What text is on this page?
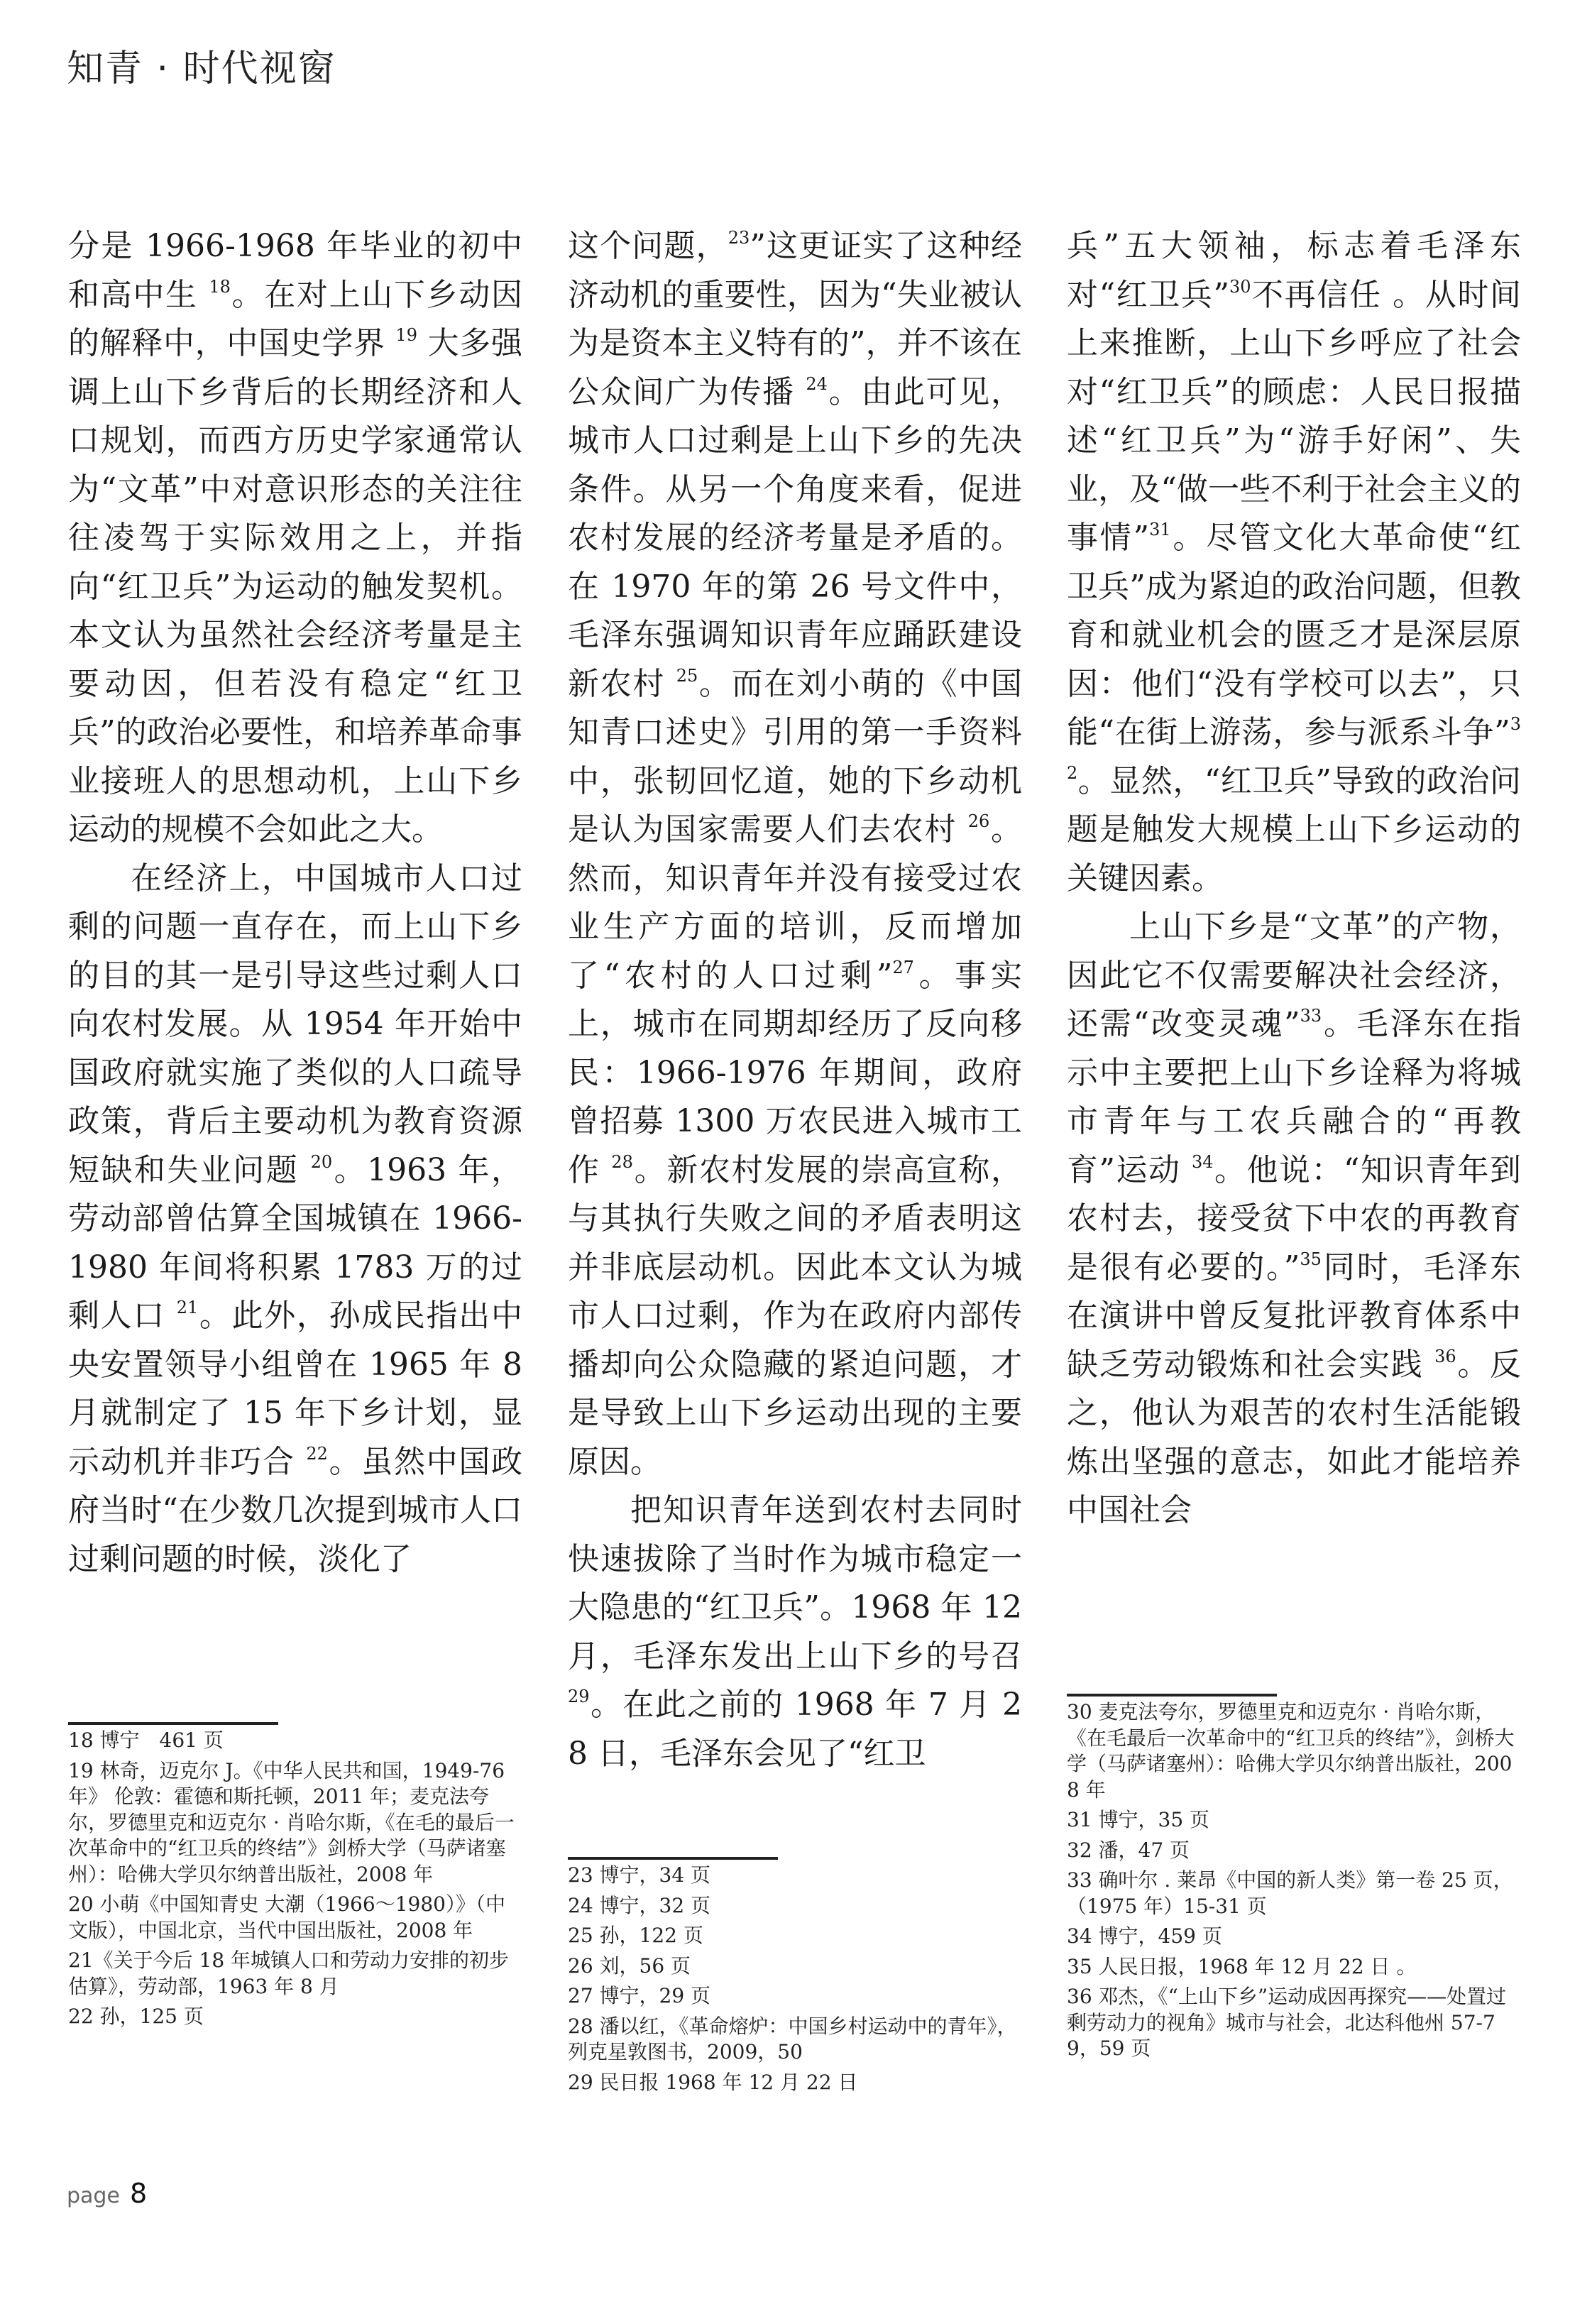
知青 · 时代视窗

分是 1966-1968 年毕业的初中和高中生 $^{18}$。在对上山下乡动因的解释中，中国史学界 $^{19}$ 大多强调上山下乡背后的长期经济和人口规划，而西方历史学家通常认为“文革”中对意识形态的关注往往凌驾于实际效用之上，并指向“红卫兵”为运动的触发契机。本文认为虽然社会经济考量是主要动因，但若没有稳定“红卫兵”的政治必要性，和培养革命事业接班人的思想动机，上山下乡运动的规模不会如此之大。

在经济上，中国城市人口过剩的问题一直存在，而上山下乡的目的其一是引导这些过剩人口向农村发展。从 1954 年开始中国政府就实施了类似的人口疏导政策，背后主要动机为教育资源短缺和失业问题 $^{20}$。1963 年，劳动部曾估算全国城镇在 1966-1980 年间将积累 1783 万的过剩人口 $^{21}$。此外，孙成民指出中央安置领导小组曾在 1965 年 8 月就制定了 15 年下乡计划，显示动机并非巧合 $^{22}$。虽然中国政府当时“在少数几次提到城市人口过剩问题的时候，淡化了

这个问题，$^{23}$”这更证实了这种经济动机的重要性，因为“失业被认为是资本主义特有的”，并不该在公众间广为传播 $^{24}$。由此可见，城市人口过剩是上山下乡的先决条件。从另一个角度来看，促进农村发展的经济考量是矛盾的。在 1970 年的第 26 号文件中，毛泽东强调知识青年应踊跃建设新农村 $^{25}$。而在刘小萌的《中国知青口述史》引用的第一手资料中，张韧回忆道，她的下乡动机是认为国家需要人们去农村 $^{26}$。然而，知识青年并没有接受过农业生产方面的培训，反而增加了“农村的人口过剩”$^{27}$。事实上，城市在同期却经历了反向移民：1966-1976 年期间，政府曾招募 1300 万农民进入城市工作 $^{28}$。新农村发展的崇高宣称，与其执行失败之间的矛盾表明这并非底层动机。因此本文认为城市人口过剩，作为在政府内部传播却向公众隐藏的紧迫问题，才是导致上山下乡运动出现的主要原因。

把知识青年送到农村去同时快速拔除了当时作为城市稳定一大隐患的“红卫兵”。1968 年 12 月，毛泽东发出上山下乡的号召 $^{29}$。在此之前的 1968 年 7 月 28 日，毛泽东会见了“红卫

兵”五大领袖，标志着毛泽东对“红卫兵”$^{30}$不再信任 。从时间上来推断，上山下乡呼应了社会对“红卫兵”的顾虑：人民日报描述“红卫兵”为“游手好闲”、失业，及“做一些不利于社会主义的事情”$^{31}$。尽管文化大革命使“红卫兵”成为紧迫的政治问题，但教育和就业机会的匮乏才是深层原因：他们“没有学校可以去”，只能“在街上游荡，参与派系斗争”$^{32}$。显然，“红卫兵”导致的政治问题是触发大规模上山下乡运动的关键因素。

上山下乡是“文革”的产物，因此它不仅需要解决社会经济，还需“改变灵魂”$^{33}$。毛泽东在指示中主要把上山下乡诠释为将城市青年与工农兵融合的“再教育”运动 $^{34}$。他说：“知识青年到农村去，接受贫下中农的再教育是很有必要的。”$^{35}$同时，毛泽东在演讲中曾反复批评教育体系中缺乏劳动锻炼和社会实践 $^{36}$。反之，他认为艰苦的农村生活能锻炼出坚强的意志，如此才能培养中国社会

18 博宁　461 页

19 林奇，迈克尔 J。《中华人民共和国，1949-76 年》 伦敦：霍德和斯托顿，2011 年；麦克法夸尔，罗德里克和迈克尔 · 肖哈尔斯，《在毛的最后一次革命中的“红卫兵的终结”》剑桥大学（马萨诸塞州）：哈佛大学贝尔纳普出版社，2008 年

20 小萌《中国知青史 大潮（1966～1980）》（中文版），中国北京，当代中国出版社，2008 年

21《关于今后 18 年城镇人口和劳动力安排的初步估算》，劳动部，1963 年 8 月

22 孙，125 页

23 博宁，34 页

24 博宁，32 页

25 孙，122 页

26 刘，56 页

27 博宁，29 页

28 潘以红，《革命熔炉：中国乡村运动中的青年》，列克星敦图书，2009，50

29 民日报 1968 年 12 月 22 日

30 麦克法夸尔，罗德里克和迈克尔 · 肖哈尔斯，《在毛最后一次革命中的“红卫兵的终结”》，剑桥大学（马萨诸塞州）：哈佛大学贝尔纳普出版社，2008 年

31 博宁，35 页

32 潘，47 页

33 确叶尔 . 莱昂《中国的新人类》第一卷 25 页，（1975 年）15-31 页

34 博宁，459 页

35 人民日报，1968 年 12 月 22 日 。

36 邓杰，《“上山下乡”运动成因再探究——处置过剩劳动力的视角》城市与社会，北达科他州 57-79，59 页

page 8
